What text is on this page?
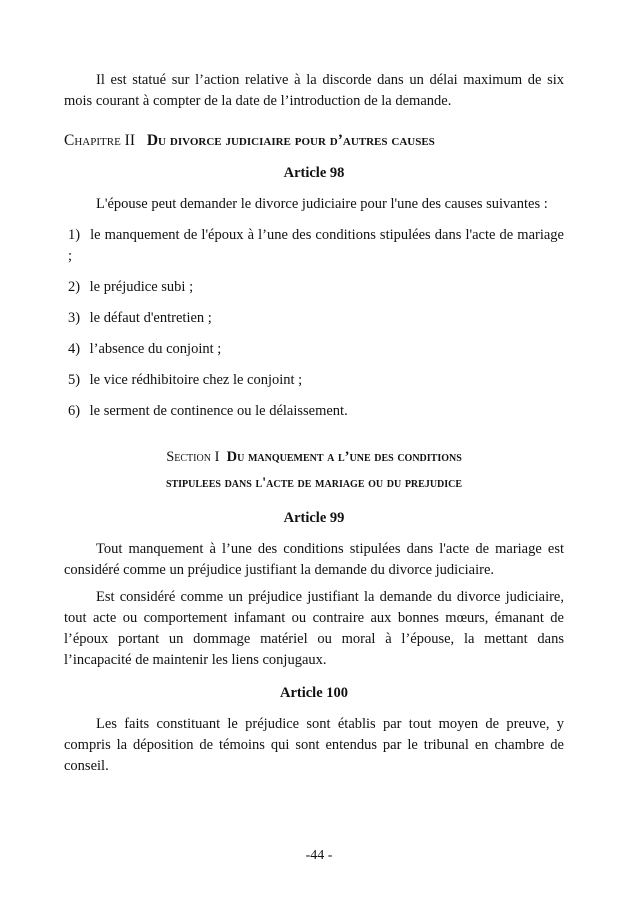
Il est statué sur l’action relative à la discorde dans un délai maximum de six mois courant à compter de la date de l’introduction de la demande.

Chapitre II Du divorce judiciaire pour d’autres causes
Article 98

L'épouse peut demander le divorce judiciaire pour l'une des causes suivantes :

1) le manquement de l'époux à l’une des conditions stipulées dans l'acte de mariage ;

2) le préjudice subi ;

3) le défaut d'entretien ;

4) l’absence du conjoint ;

5) le vice rédhibitoire chez le conjoint ;

6) le serment de continence ou le délaissement.

Section I Du manquement a l’une des conditions
stipulees dans l'acte de mariage ou du prejudice
Article 99

Tout manquement à l’une des conditions stipulées dans l'acte de mariage est considéré comme un préjudice justifiant la demande du divorce judiciaire.

Est considéré comme un préjudice justifiant la demande du divorce judiciaire, tout acte ou comportement infamant ou contraire aux bonnes mœurs, émanant de l’époux portant un dommage matériel ou moral à l’épouse, la mettant dans l’incapacité de maintenir les liens conjugaux.

Article 100

Les faits constituant le préjudice sont établis par tout moyen de preuve, y compris la déposition de témoins qui sont entendus par le tribunal en chambre de conseil.

-44 -
